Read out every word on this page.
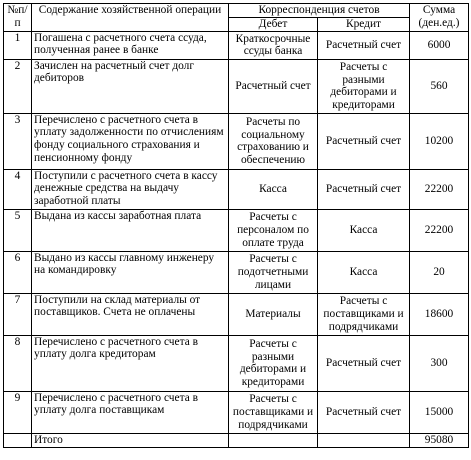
№п/п	Содержание хозяйственной операции	Корреспонденция счетов		Сумма (ден.ед.)
		Дебет	Кредит	
1	Погашена с расчетного счета ссуда, полученная ранее в банке	Краткосрочные ссуды банка	Расчетный счет	6000
2	Зачислен на расчетный счет долг дебиторов	Расчетный счет	Расчеты с разными дебиторами и кредиторами	560
3	Перечислено с расчетного счета в уплату задолженности по отчислениям фонду социального страхования и пенсионному фонду	Расчеты по социальному страхованию и обеспечению	Расчетный счет	10200
4	Поступили с расчетного счета в кассу денежные средства на выдачу заработной платы	Касса	Расчетный счет	22200
5	Выдана из кассы заработная плата	Расчеты с персоналом по оплате труда	Касса	22200
6	Выдано из кассы главному инженеру на командировку	Расчеты с подотчетными лицами	Касса	20
7	Поступили на склад материалы от поставщиков. Счета не оплачены	Материалы	Расчеты с поставщиками и подрядчиками	18600
8	Перечислено с расчетного счета в уплату долга кредиторам	Расчеты с разными дебиторами и кредиторами	Расчетный счет	300
9	Перечислено с расчетного счета в уплату долга поставщикам	Расчеты с поставщиками и подрядчиками	Расчетный счет	15000
	Итого			95080
